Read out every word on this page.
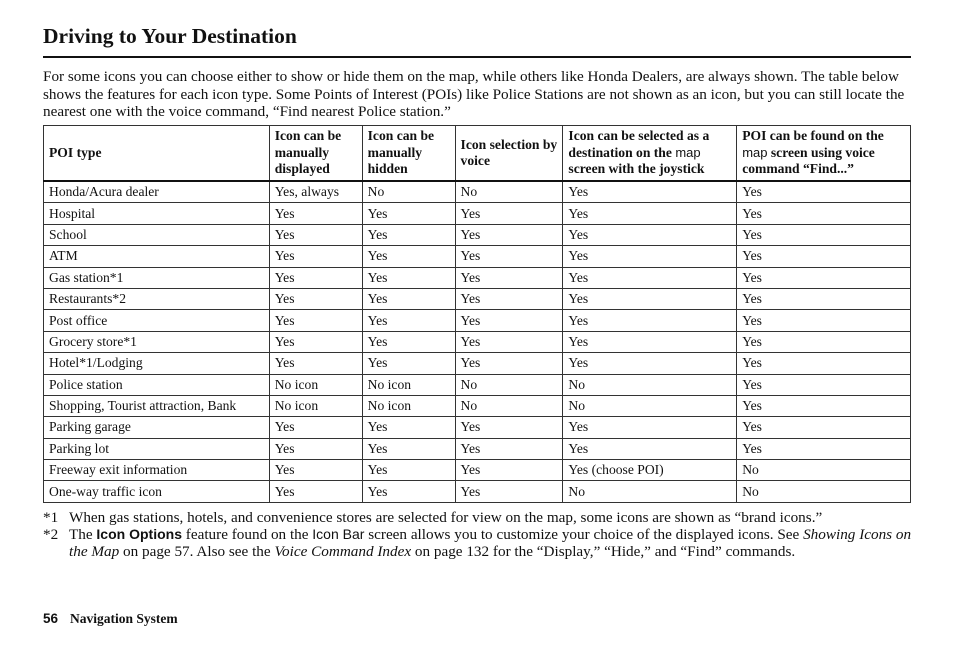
Driving to Your Destination
For some icons you can choose either to show or hide them on the map, while others like Honda Dealers, are always shown. The table below shows the features for each icon type. Some Points of Interest (POIs) like Police Stations are not shown as an icon, but you can still locate the nearest one with the voice command, “Find nearest Police station.”
POI type	Icon can be manually displayed	Icon can be manually hidden	Icon selection by voice	Icon can be selected as a destination on the map screen with the joystick	POI can be found on the map screen using voice command “Find...”
Honda/Acura dealer	Yes, always	No	No	Yes	Yes
Hospital	Yes	Yes	Yes	Yes	Yes
School	Yes	Yes	Yes	Yes	Yes
ATM	Yes	Yes	Yes	Yes	Yes
Gas station*1	Yes	Yes	Yes	Yes	Yes
Restaurants*2	Yes	Yes	Yes	Yes	Yes
Post office	Yes	Yes	Yes	Yes	Yes
Grocery store*1	Yes	Yes	Yes	Yes	Yes
Hotel*1/Lodging	Yes	Yes	Yes	Yes	Yes
Police station	No icon	No icon	No	No	Yes
Shopping, Tourist attraction, Bank	No icon	No icon	No	No	Yes
Parking garage	Yes	Yes	Yes	Yes	Yes
Parking lot	Yes	Yes	Yes	Yes	Yes
Freeway exit information	Yes	Yes	Yes	Yes (choose POI)	No
One-way traffic icon	Yes	Yes	Yes	No	No
*1 When gas stations, hotels, and convenience stores are selected for view on the map, some icons are shown as “brand icons.”
*2 The Icon Options feature found on the Icon Bar screen allows you to customize your choice of the displayed icons. See Showing Icons on the Map on page 57. Also see the Voice Command Index on page 132 for the “Display,” “Hide,” and “Find” commands.
56 Navigation System
